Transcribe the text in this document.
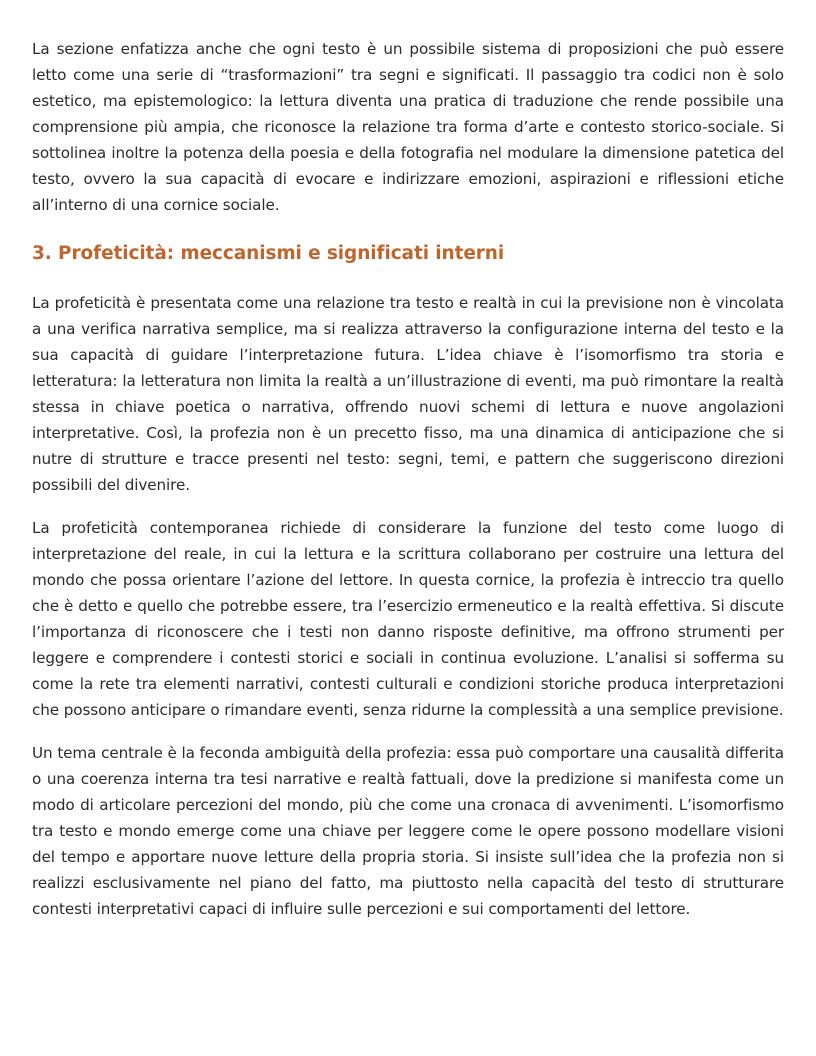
La sezione enfatizza anche che ogni testo è un possibile sistema di proposizioni che può essere letto come una serie di “trasformazioni” tra segni e significati. Il passaggio tra codici non è solo estetico, ma epistemologico: la lettura diventa una pratica di traduzione che rende possibile una comprensione più ampia, che riconosce la relazione tra forma d’arte e contesto storico-sociale. Si sottolinea inoltre la potenza della poesia e della fotografia nel modulare la dimensione patetica del testo, ovvero la sua capacità di evocare e indirizzare emozioni, aspirazioni e riflessioni etiche all’interno di una cornice sociale.

3. Profeticità: meccanismi e significati interni

La profeticità è presentata come una relazione tra testo e realtà in cui la previsione non è vincolata a una verifica narrativa semplice, ma si realizza attraverso la configurazione interna del testo e la sua capacità di guidare l’interpretazione futura. L’idea chiave è l’isomorfismo tra storia e letteratura: la letteratura non limita la realtà a un’illustrazione di eventi, ma può rimontare la realtà stessa in chiave poetica o narrativa, offrendo nuovi schemi di lettura e nuove angolazioni interpretative. Così, la profezia non è un precetto fisso, ma una dinamica di anticipazione che si nutre di strutture e tracce presenti nel testo: segni, temi, e pattern che suggeriscono direzioni possibili del divenire.

La profeticità contemporanea richiede di considerare la funzione del testo come luogo di interpretazione del reale, in cui la lettura e la scrittura collaborano per costruire una lettura del mondo che possa orientare l’azione del lettore. In questa cornice, la profezia è intreccio tra quello che è detto e quello che potrebbe essere, tra l’esercizio ermeneutico e la realtà effettiva. Si discute l’importanza di riconoscere che i testi non danno risposte definitive, ma offrono strumenti per leggere e comprendere i contesti storici e sociali in continua evoluzione. L’analisi si sofferma su come la rete tra elementi narrativi, contesti culturali e condizioni storiche produca interpretazioni che possono anticipare o rimandare eventi, senza ridurne la complessità a una semplice previsione.

Un tema centrale è la feconda ambiguità della profezia: essa può comportare una causalità differita o una coerenza interna tra tesi narrative e realtà fattuali, dove la predizione si manifesta come un modo di articolare percezioni del mondo, più che come una cronaca di avvenimenti. L’isomorfismo tra testo e mondo emerge come una chiave per leggere come le opere possono modellare visioni del tempo e apportare nuove letture della propria storia. Si insiste sull’idea che la profezia non si realizzi esclusivamente nel piano del fatto, ma piuttosto nella capacità del testo di strutturare contesti interpretativi capaci di influire sulle percezioni e sui comportamenti del lettore.
